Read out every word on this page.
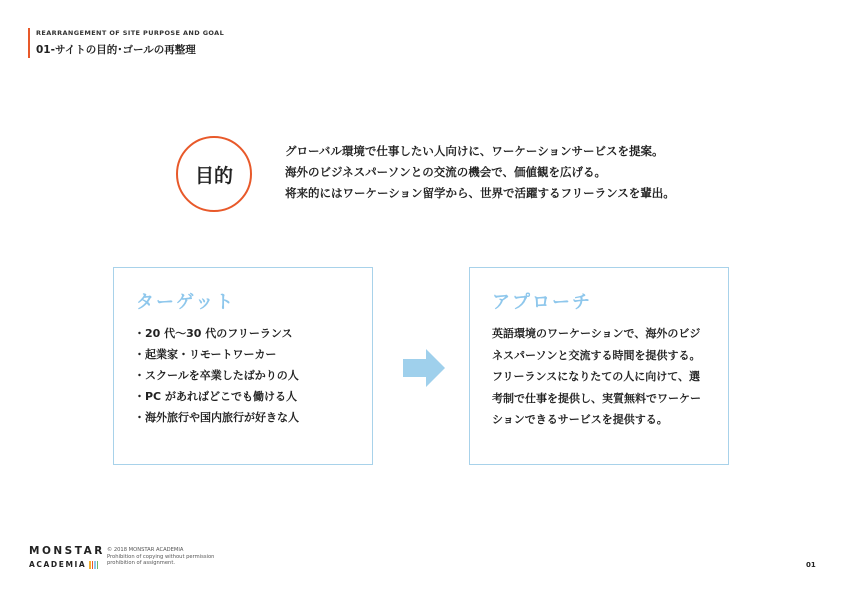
REARRANGEMENT OF SITE PURPOSE AND GOAL
01-サイトの目的･ゴールの再整理
目的
グローバル環境で仕事したい人向けに、ワーケーションサービスを提案。
海外のビジネスパーソンとの交流の機会で、価値観を広げる。
将来的にはワーケーション留学から、世界で活躍するフリーランスを輩出。
ターゲット
・20 代〜30 代のフリーランス
・起業家・リモートワーカー
・スクールを卒業したばかりの人
・PC があればどこでも働ける人
・海外旅行や国内旅行が好きな人
アプローチ
英語環境のワーケーションで、海外のビジネスパーソンと交流する時間を提供する。フリーランスになりたての人に向けて、選考制で仕事を提供し、実質無料でワーケーションできるサービスを提供する。
MONSTAR
ACADEMIA
© 2018 MONSTAR ACADEMIA
Prohibition of copying without permission
prohibition of assignment.	01
